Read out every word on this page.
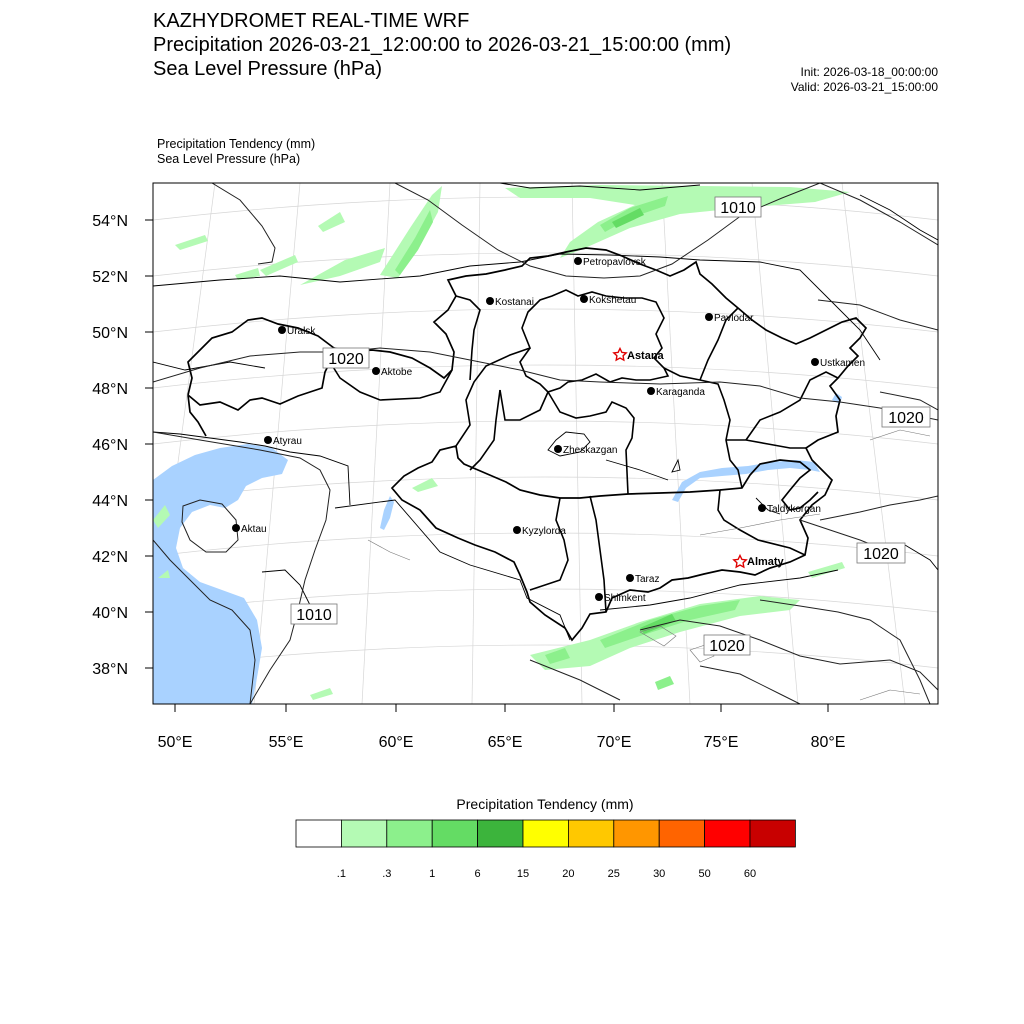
KAZHYDROMET REAL-TIME WRF
Precipitation 2026-03-21_12:00:00 to 2026-03-21_15:00:00 (mm)
Sea Level Pressure (hPa)	Init: 2026-03-18_00:00:00
Valid: 2026-03-21_15:00:00
Precipitation Tendency (mm)
Sea Level Pressure (hPa)
50°E	55°E	60°E	65°E	70°E	75°E	80°E
38°N
40°N
42°N
44°N
46°N
48°N
50°N
52°N
54°N
1010
1020
1020
1020
1010
1020
Petropavlovsk
Kostanai	Kokshetau
Pavlodar
Uralsk
Astana
Aktobe
Ustkamen
Karaganda
Atyrau
Zheskazgan
Taldykorgan
Kyzylorda
Aktau
Almaty
Taraz
Shimkent
.1	.3	1	6	15	20	25	30	50	60
Precipitation Tendency (mm)
